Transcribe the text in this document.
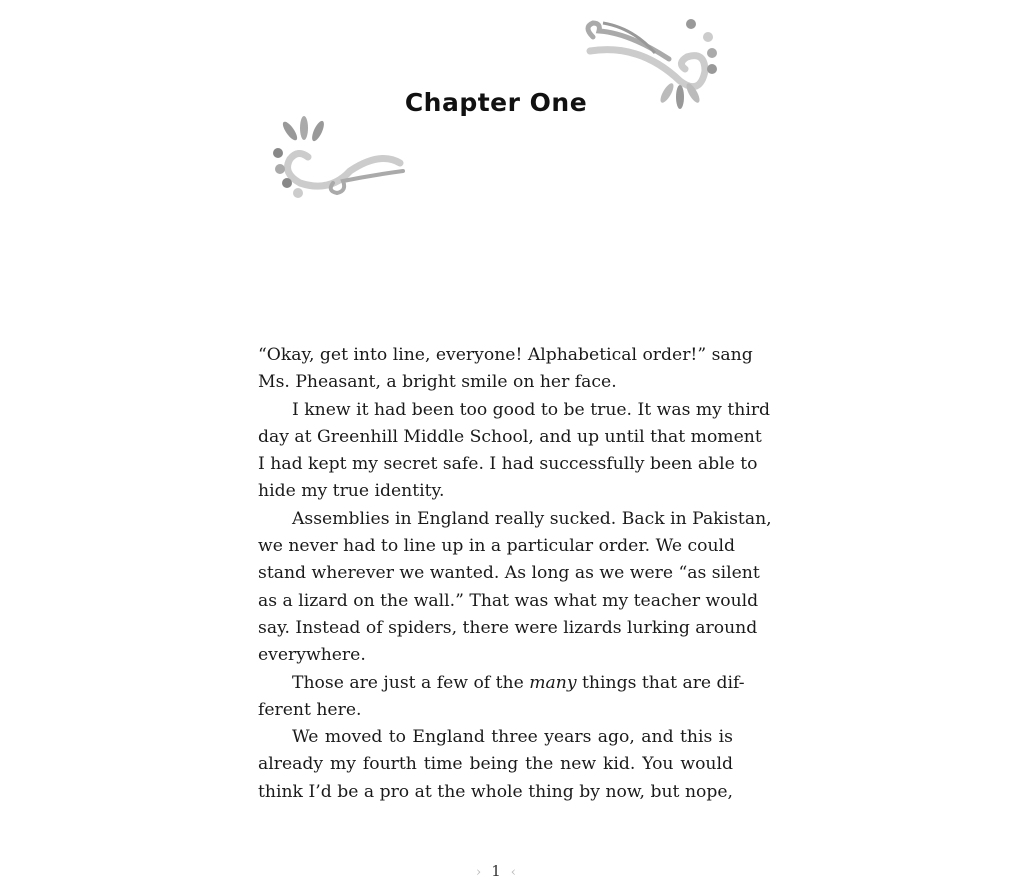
Chapter One
“Okay, get into line, everyone! Alphabetical order!” sang
Ms. Pheasant, a bright smile on her face.
I knew it had been too good to be true. It was my third
day at Greenhill Middle School, and up until that moment
I had kept my secret safe. I had successfully been able to
hide my true identity.
Assemblies in England really sucked. Back in Pakistan,
we never had to line up in a particular order. We could
stand wherever we wanted. As long as we were “as silent
as a lizard on the wall.” That was what my teacher would
say. Instead of spiders, there were lizards lurking around
everywhere.
Those are just a few of the many things that are dif-
ferent here.
We moved to England three years ago, and this is
already my fourth time being the new kid. You would
think I’d be a pro at the whole thing by now, but nope,
› 1 ‹
